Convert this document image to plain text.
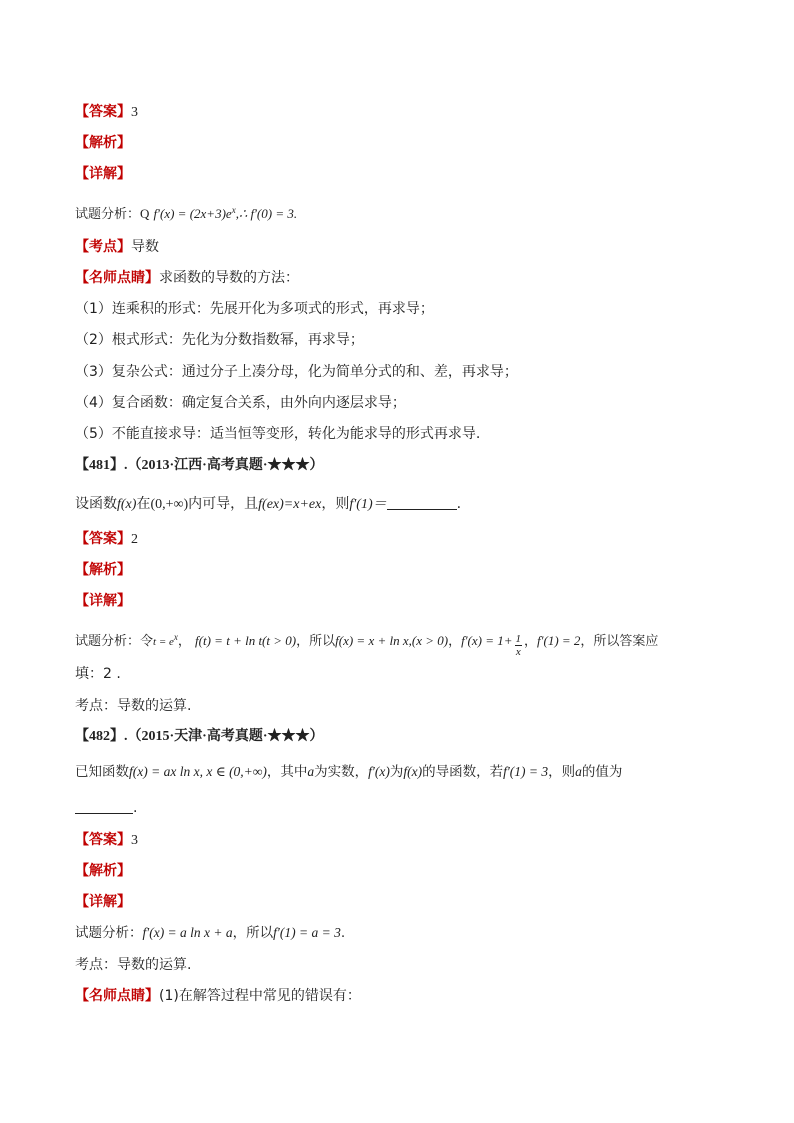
【答案】3
【解析】
【详解】
试题分析：Q $f'(x) = (2x+3)e^x,\therefore$ f′(0) = 3.
【考点】导数
【名师点睛】求函数的导数的方法：
（1）连乘积的形式：先展开化为多项式的形式，再求导；
（2）根式形式：先化为分数指数幂，再求导；
（3）复杂公式：通过分子上凑分母，化为简单分式的和、差，再求导；
（4）复合函数：确定复合关系，由外向内逐层求导；
（5）不能直接求导：适当恒等变形，转化为能求导的形式再求导.
【481】.（2013·江西·高考真题·★★★）
设函数f(x)在(0,+∞)内可导，且f(ex)=x+ex，则f′(1)＝	.
【答案】2
【解析】
【详解】
试题分析：令$t = e^x$， f(t) = t + ln t(t > 0)，所以f(x) = x + ln x,(x > 0)，$f'(x) = 1+ \frac{1}{x}$ ，f′(1) = 2，所以答案应
填：2 .
考点：导数的运算.
【482】.（2015·天津·高考真题·★★★）
已知函数f(x) = ax ln x, x ∈ (0,+∞)，其中a为实数，f′(x)为f(x)的导函数，若f′(1) = 3，则a的值为
.
【答案】3
【解析】
【详解】
试题分析：f′(x) = a ln x + a，所以f′(1) = a = 3.
考点：导数的运算.
【名师点睛】(1)在解答过程中常见的错误有：
